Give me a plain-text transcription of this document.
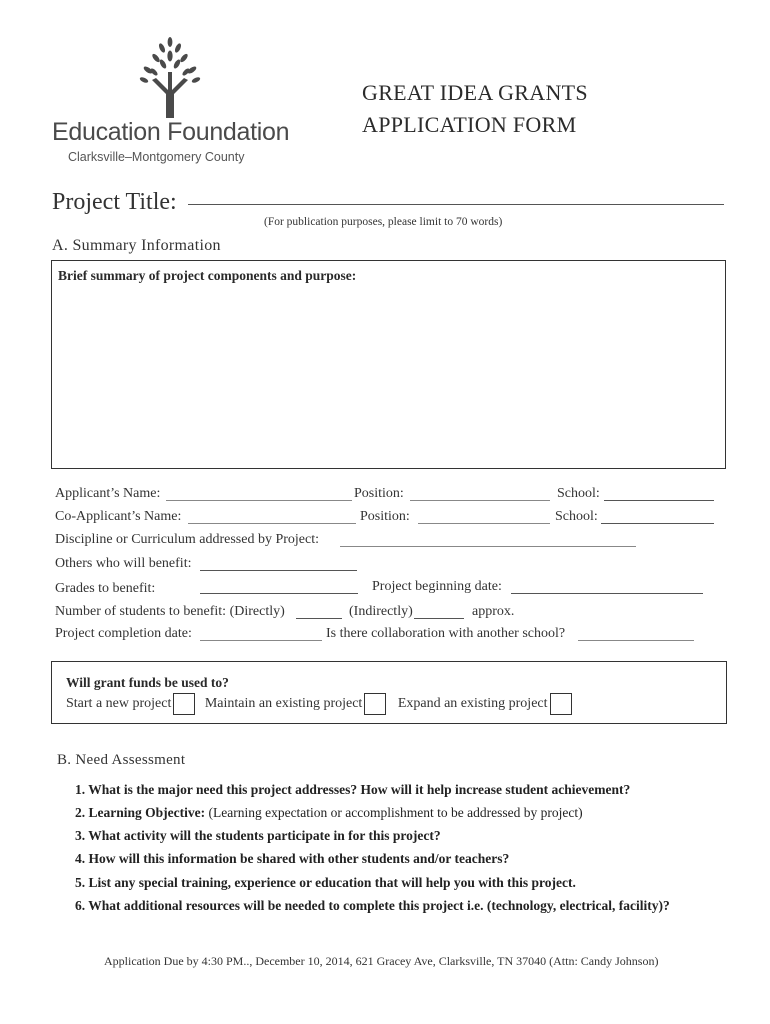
Education Foundation
Clarksville–Montgomery County
GREAT IDEA GRANTS
APPLICATION FORM
Project Title:
(For publication purposes, please limit to 70 words)
A. Summary Information
Brief summary of project components and purpose:
Applicant’s Name:	Position:	School:
Co-Applicant’s Name:	Position:	School:
Discipline or Curriculum addressed by Project:
Others who will benefit:
Grades to benefit:	Project beginning date:
Number of students to benefit: (Directly)	(Indirectly)	approx.
Project completion date:	Is there collaboration with another school?
Will grant funds be used to?
Start a new project Maintain an existing project	Expand an existing project
B. Need Assessment
1. What is the major need this project addresses? How will it help increase student achievement?
2. Learning Objective: (Learning expectation or accomplishment to be addressed by project)
3. What activity will the students participate in for this project?
4. How will this information be shared with other students and/or teachers?
5. List any special training, experience or education that will help you with this project.
6. What additional resources will be needed to complete this project i.e. (technology, electrical, facility)?
Application Due by 4:30 PM.., December 10, 2014, 621 Gracey Ave, Clarksville, TN 37040 (Attn: Candy Johnson)
